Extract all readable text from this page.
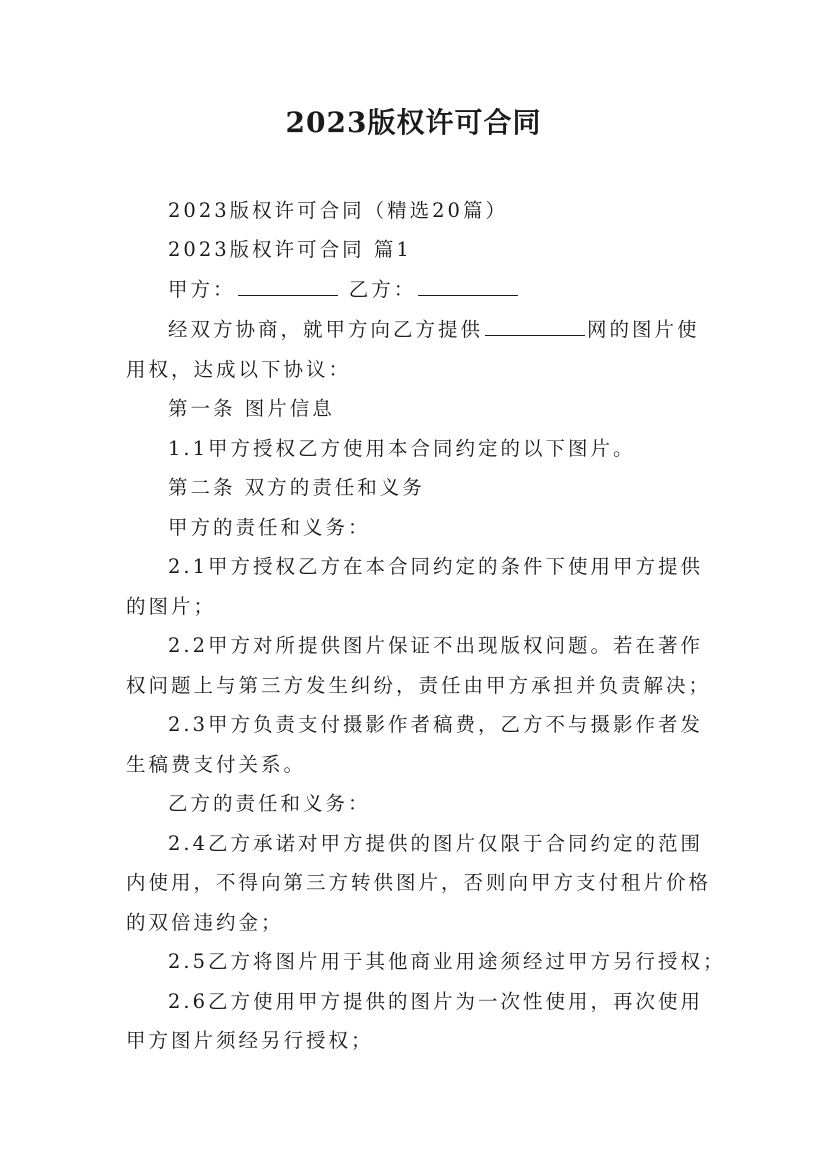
2023版权许可合同
2023版权许可合同（精选20篇）
2023版权许可合同 篇1
甲方：	乙方：
经双方协商，就甲方向乙方提供	网的图片使
用权，达成以下协议：
第一条 图片信息
1.1甲方授权乙方使用本合同约定的以下图片。
第二条 双方的责任和义务
甲方的责任和义务：
2.1甲方授权乙方在本合同约定的条件下使用甲方提供
的图片；
2.2甲方对所提供图片保证不出现版权问题。若在著作
权问题上与第三方发生纠纷，责任由甲方承担并负责解决；
2.3甲方负责支付摄影作者稿费，乙方不与摄影作者发
生稿费支付关系。
乙方的责任和义务：
2.4乙方承诺对甲方提供的图片仅限于合同约定的范围
内使用，不得向第三方转供图片，否则向甲方支付租片价格
的双倍违约金；
2.5乙方将图片用于其他商业用途须经过甲方另行授权；
2.6乙方使用甲方提供的图片为一次性使用，再次使用
甲方图片须经另行授权；
